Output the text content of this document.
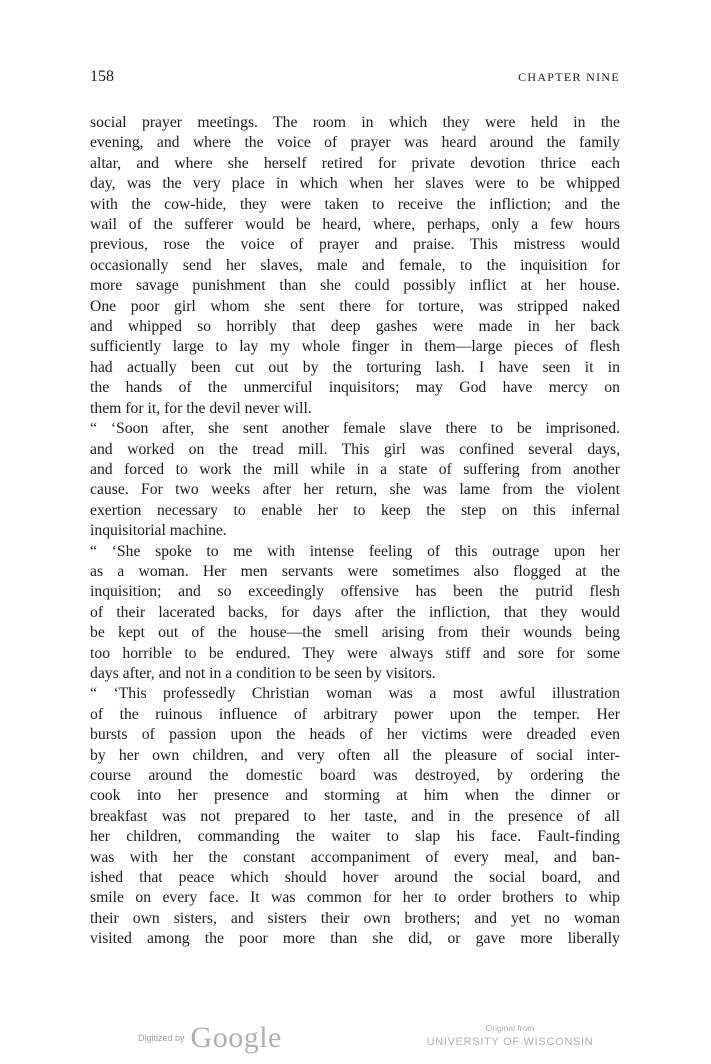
158	CHAPTER NINE

social prayer meetings. The room in which they were held in the

evening, and where the voice of prayer was heard around the family

altar, and where she herself retired for private devotion thrice each

day, was the very place in which when her slaves were to be whipped

with the cow-hide, they were taken to receive the infliction; and the

wail of the sufferer would be heard, where, perhaps, only a few hours

previous, rose the voice of prayer and praise. This mistress would

occasionally send her slaves, male and female, to the inquisition for

more savage punishment than she could possibly inflict at her house.

One poor girl whom she sent there for torture, was stripped naked

and whipped so horribly that deep gashes were made in her back

sufficiently large to lay my whole finger in them—large pieces of flesh

had actually been cut out by the torturing lash. I have seen it in

the hands of the unmerciful inquisitors; may God have mercy on

them for it, for the devil never will.

“ ‘Soon after, she sent another female slave there to be imprisoned.

and worked on the tread mill. This girl was confined several days,

and forced to work the mill while in a state of suffering from another

cause. For two weeks after her return, she was lame from the violent

exertion necessary to enable her to keep the step on this infernal

inquisitorial machine.

“ ‘She spoke to me with intense feeling of this outrage upon her

as a woman. Her men servants were sometimes also flogged at the

inquisition; and so exceedingly offensive has been the putrid flesh

of their lacerated backs, for days after the infliction, that they would

be kept out of the house—the smell arising from their wounds being

too horrible to be endured. They were always stiff and sore for some

days after, and not in a condition to be seen by visitors.

“ ‘This professedly Christian woman was a most awful illustration

of the ruinous influence of arbitrary power upon the temper. Her

bursts of passion upon the heads of her victims were dreaded even

by her own children, and very often all the pleasure of social inter-

course around the domestic board was destroyed, by ordering the

cook into her presence and storming at him when the dinner or

breakfast was not prepared to her taste, and in the presence of all

her children, commanding the waiter to slap his face. Fault-finding

was with her the constant accompaniment of every meal, and ban-

ished that peace which should hover around the social board, and

smile on every face. It was common for her to order brothers to whip

their own sisters, and sisters their own brothers; and yet no woman

visited among the poor more than she did, or gave more liberally

Digitized by Google	Original from
UNIVERSITY OF WISCONSIN
